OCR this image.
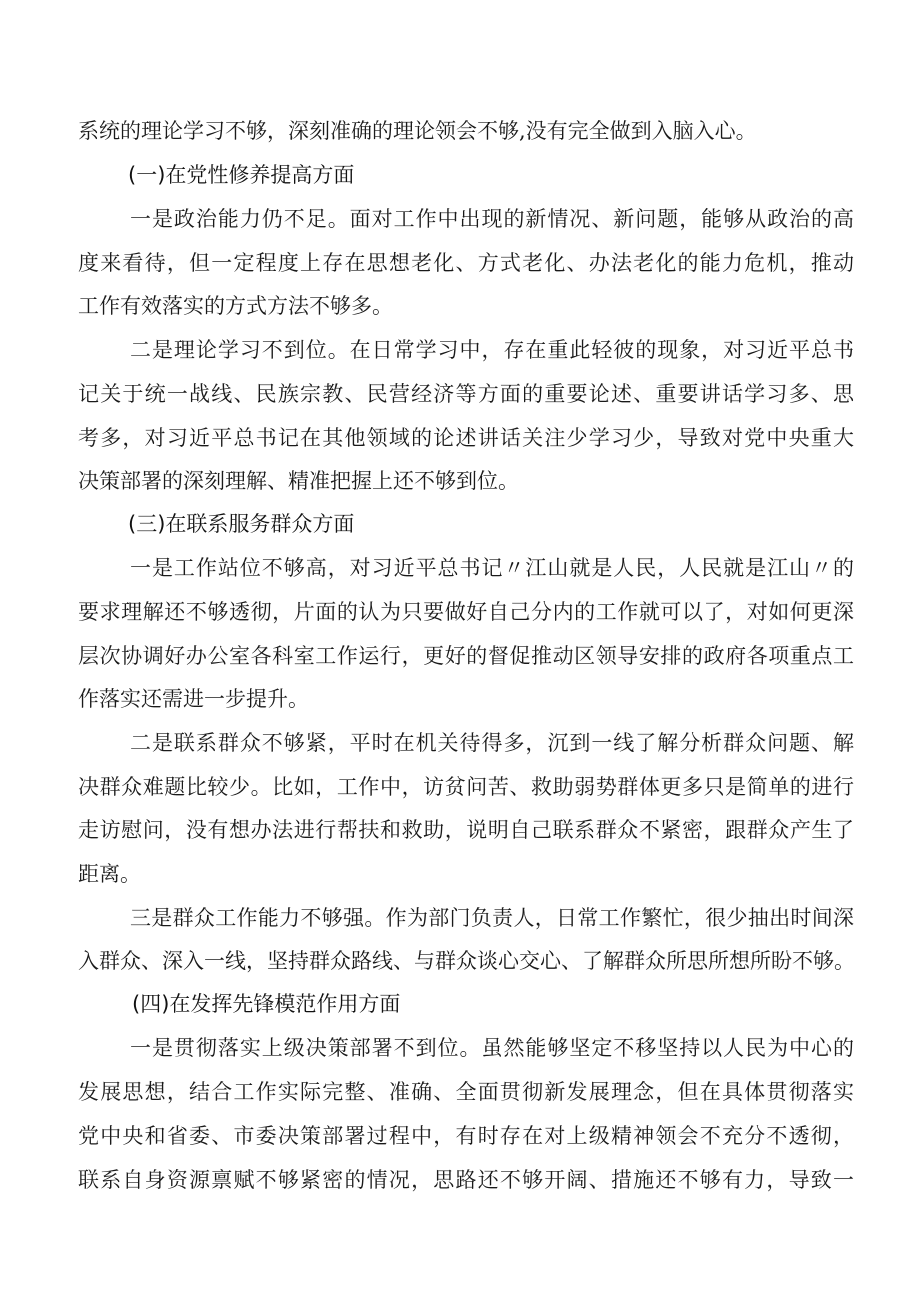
系统的理论学习不够，深刻准确的理论领会不够,没有完全做到入脑入心。

(一)在党性修养提高方面

一是政治能力仍不足。面对工作中出现的新情况、新问题，能够从政治的高

度来看待，但一定程度上存在思想老化、方式老化、办法老化的能力危机，推动

工作有效落实的方式方法不够多。

二是理论学习不到位。在日常学习中，存在重此轻彼的现象，对习近平总书

记关于统一战线、民族宗教、民营经济等方面的重要论述、重要讲话学习多、思

考多，对习近平总书记在其他领域的论述讲话关注少学习少，导致对党中央重大

决策部署的深刻理解、精准把握上还不够到位。

(三)在联系服务群众方面

一是工作站位不够高，对习近平总书记〃江山就是人民，人民就是江山〃的

要求理解还不够透彻，片面的认为只要做好自己分内的工作就可以了，对如何更深

层次协调好办公室各科室工作运行，更好的督促推动区领导安排的政府各项重点工

作落实还需进一步提升。

二是联系群众不够紧，平时在机关待得多，沉到一线了解分析群众问题、解

决群众难题比较少。比如，工作中，访贫问苦、救助弱势群体更多只是简单的进行

走访慰问，没有想办法进行帮扶和救助，说明自己联系群众不紧密，跟群众产生了

距离。

三是群众工作能力不够强。作为部门负责人，日常工作繁忙，很少抽出时间深

入群众、深入一线，坚持群众路线、与群众谈心交心、了解群众所思所想所盼不够。

(四)在发挥先锋模范作用方面

一是贯彻落实上级决策部署不到位。虽然能够坚定不移坚持以人民为中心的

发展思想，结合工作实际完整、准确、全面贯彻新发展理念，但在具体贯彻落实

党中央和省委、市委决策部署过程中，有时存在对上级精神领会不充分不透彻，

联系自身资源禀赋不够紧密的情况，思路还不够开阔、措施还不够有力，导致一
